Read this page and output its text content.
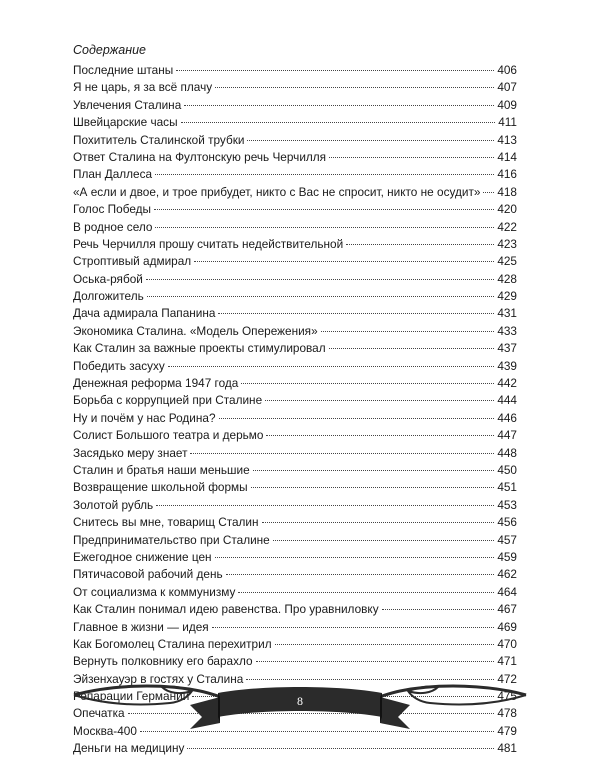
Содержание
Последние штаны	406
Я не царь, я за всё плачу	407
Увлечения Сталина	409
Швейцарские часы	411
Похититель Сталинской трубки	413
Ответ Сталина на Фултонскую речь Черчилля	414
План Даллеса	416
«А если и двое, и трое прибудет, никто с Вас не спросит, никто не осудит» 418
Голос Победы	420
В родное село	422
Речь Черчилля прошу считать недействительной	423
Строптивый адмирал	425
Оська-рябой	428
Долгожитель	429
Дача адмирала Папанина	431
Экономика Сталина. «Модель Опережения»	433
Как Сталин за важные проекты стимулировал	437
Победить засуху	439
Денежная реформа 1947 года	442
Борьба с коррупцией при Сталине	444
Ну и почём у нас Родина?	446
Солист Большого театра и дерьмо	447
Засядько меру знает	448
Сталин и братья наши меньшие	450
Возвращение школьной формы	451
Золотой рубль	453
Снитесь вы мне, товарищ Сталин	456
Предпринимательство при Сталине	457
Ежегодное снижение цен	459
Пятичасовой рабочий день	462
От социализма к коммунизму	464
Как Сталин понимал идею равенства. Про уравниловку	467
Главное в жизни — идея	469
Как Богомолец Сталина перехитрил	470
Вернуть полковнику его барахло	471
Эйзенхауэр в гостях у Сталина	472
Репарации Германии	475
Опечатка	478
Москва-400	479
Деньги на медицину	481
8
